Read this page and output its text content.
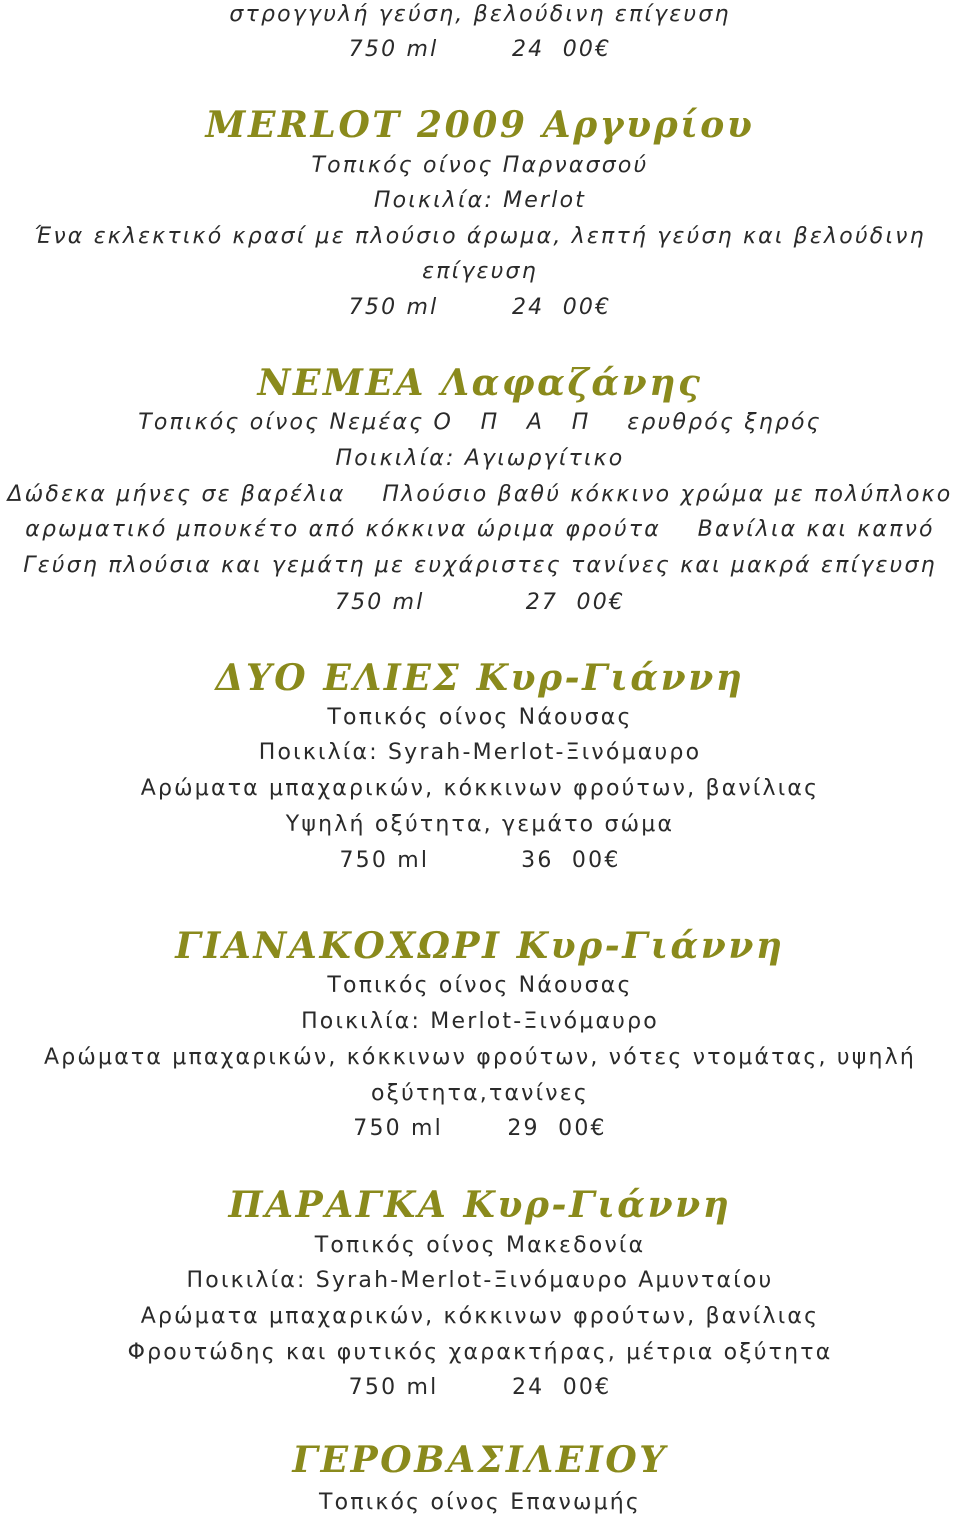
στρογγυλή γεύση, βελούδινη επίγευση
750 ml        24  00€
MERLOT 2009 Αργυρίου
Τοπικός οίνος Παρνασσού
Ποικιλία: Merlot
Ένα εκλεκτικό κρασί με πλούσιο άρωμα, λεπτή γεύση και βελούδινη
επίγευση
750 ml        24  00€
ΝΕΜΕΑ Λαφαζάνης
Τοπικός οίνος Νεμέας Ο   Π   Α   Π    ερυθρός ξηρός
Ποικιλία: Αγιωργίτικο
Δώδεκα μήνες σε βαρέλια    Πλούσιο βαθύ κόκκινο χρώμα με πολύπλοκο
αρωματικό μπουκέτο από κόκκινα ώριμα φρούτα    Βανίλια και καπνό
Γεύση πλούσια και γεμάτη με ευχάριστες τανίνες και μακρά επίγευση
750 ml           27  00€
ΔΥΟ ΕΛΙΕΣ Κυρ-Γιάννη
Τοπικός οίνος Νάουσας
Ποικιλία: Syrah-Merlot-Ξινόμαυρο
Αρώματα μπαχαρικών, κόκκινων φρούτων, βανίλιας
Υψηλή οξύτητα, γεμάτο σώμα
750 ml          36  00€
ΓΙΑΝΑΚΟΧΩΡΙ Κυρ-Γιάννη
Τοπικός οίνος Νάουσας
Ποικιλία: Merlot-Ξινόμαυρο
Αρώματα μπαχαρικών, κόκκινων φρούτων, νότες ντομάτας, υψηλή
οξύτητα,τανίνες
750 ml       29  00€
ΠΑΡΑΓΚΑ Κυρ-Γιάννη
Τοπικός οίνος Μακεδονία
Ποικιλία: Syrah-Merlot-Ξινόμαυρο Αμυνταίου
Αρώματα μπαχαρικών, κόκκινων φρούτων, βανίλιας
Φρουτώδης και φυτικός χαρακτήρας, μέτρια οξύτητα
750 ml        24  00€
ΓΕΡΟΒΑΣΙΛΕΙΟΥ
Τοπικός οίνος Επανωμής
